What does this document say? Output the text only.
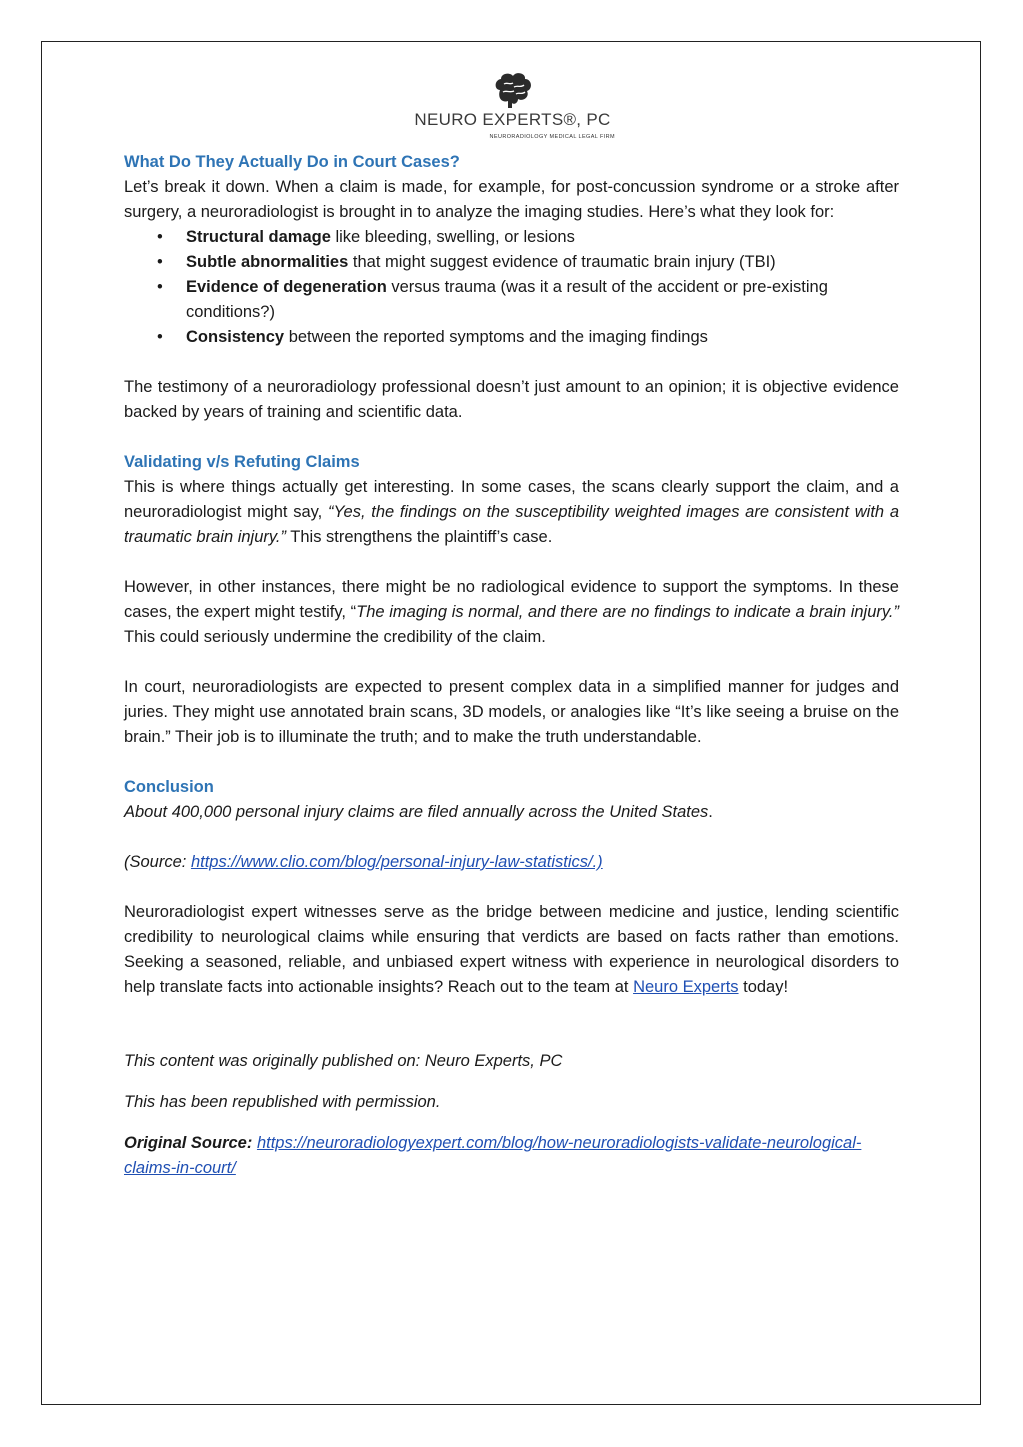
NEURO EXPERTS®, PC
NEURORADIOLOGY MEDICAL LEGAL FIRM

What Do They Actually Do in Court Cases?

Let’s break it down. When a claim is made, for example, for post-concussion syndrome or a stroke after surgery, a neuroradiologist is brought in to analyze the imaging studies. Here’s what they look for:

• Structural damage like bleeding, swelling, or lesions
• Subtle abnormalities that might suggest evidence of traumatic brain injury (TBI)
• Evidence of degeneration versus trauma (was it a result of the accident or pre-existing conditions?)
• Consistency between the reported symptoms and the imaging findings

The testimony of a neuroradiology professional doesn’t just amount to an opinion; it is objective evidence backed by years of training and scientific data.

Validating v/s Refuting Claims

This is where things actually get interesting. In some cases, the scans clearly support the claim, and a neuroradiologist might say, “Yes, the findings on the susceptibility weighted images are consistent with a traumatic brain injury.” This strengthens the plaintiff’s case.

However, in other instances, there might be no radiological evidence to support the symptoms. In these cases, the expert might testify, “The imaging is normal, and there are no findings to indicate a brain injury.” This could seriously undermine the credibility of the claim.

In court, neuroradiologists are expected to present complex data in a simplified manner for judges and juries. They might use annotated brain scans, 3D models, or analogies like “It’s like seeing a bruise on the brain.” Their job is to illuminate the truth; and to make the truth understandable.

Conclusion

About 400,000 personal injury claims are filed annually across the United States.

(Source: https://www.clio.com/blog/personal-injury-law-statistics/.)

Neuroradiologist expert witnesses serve as the bridge between medicine and justice, lending scientific credibility to neurological claims while ensuring that verdicts are based on facts rather than emotions. Seeking a seasoned, reliable, and unbiased expert witness with experience in neurological disorders to help translate facts into actionable insights? Reach out to the team at Neuro Experts today!

This content was originally published on: Neuro Experts, PC

This has been republished with permission.

Original Source: https://neuroradiologyexpert.com/blog/how-neuroradiologists-validate-neurological-claims-in-court/
